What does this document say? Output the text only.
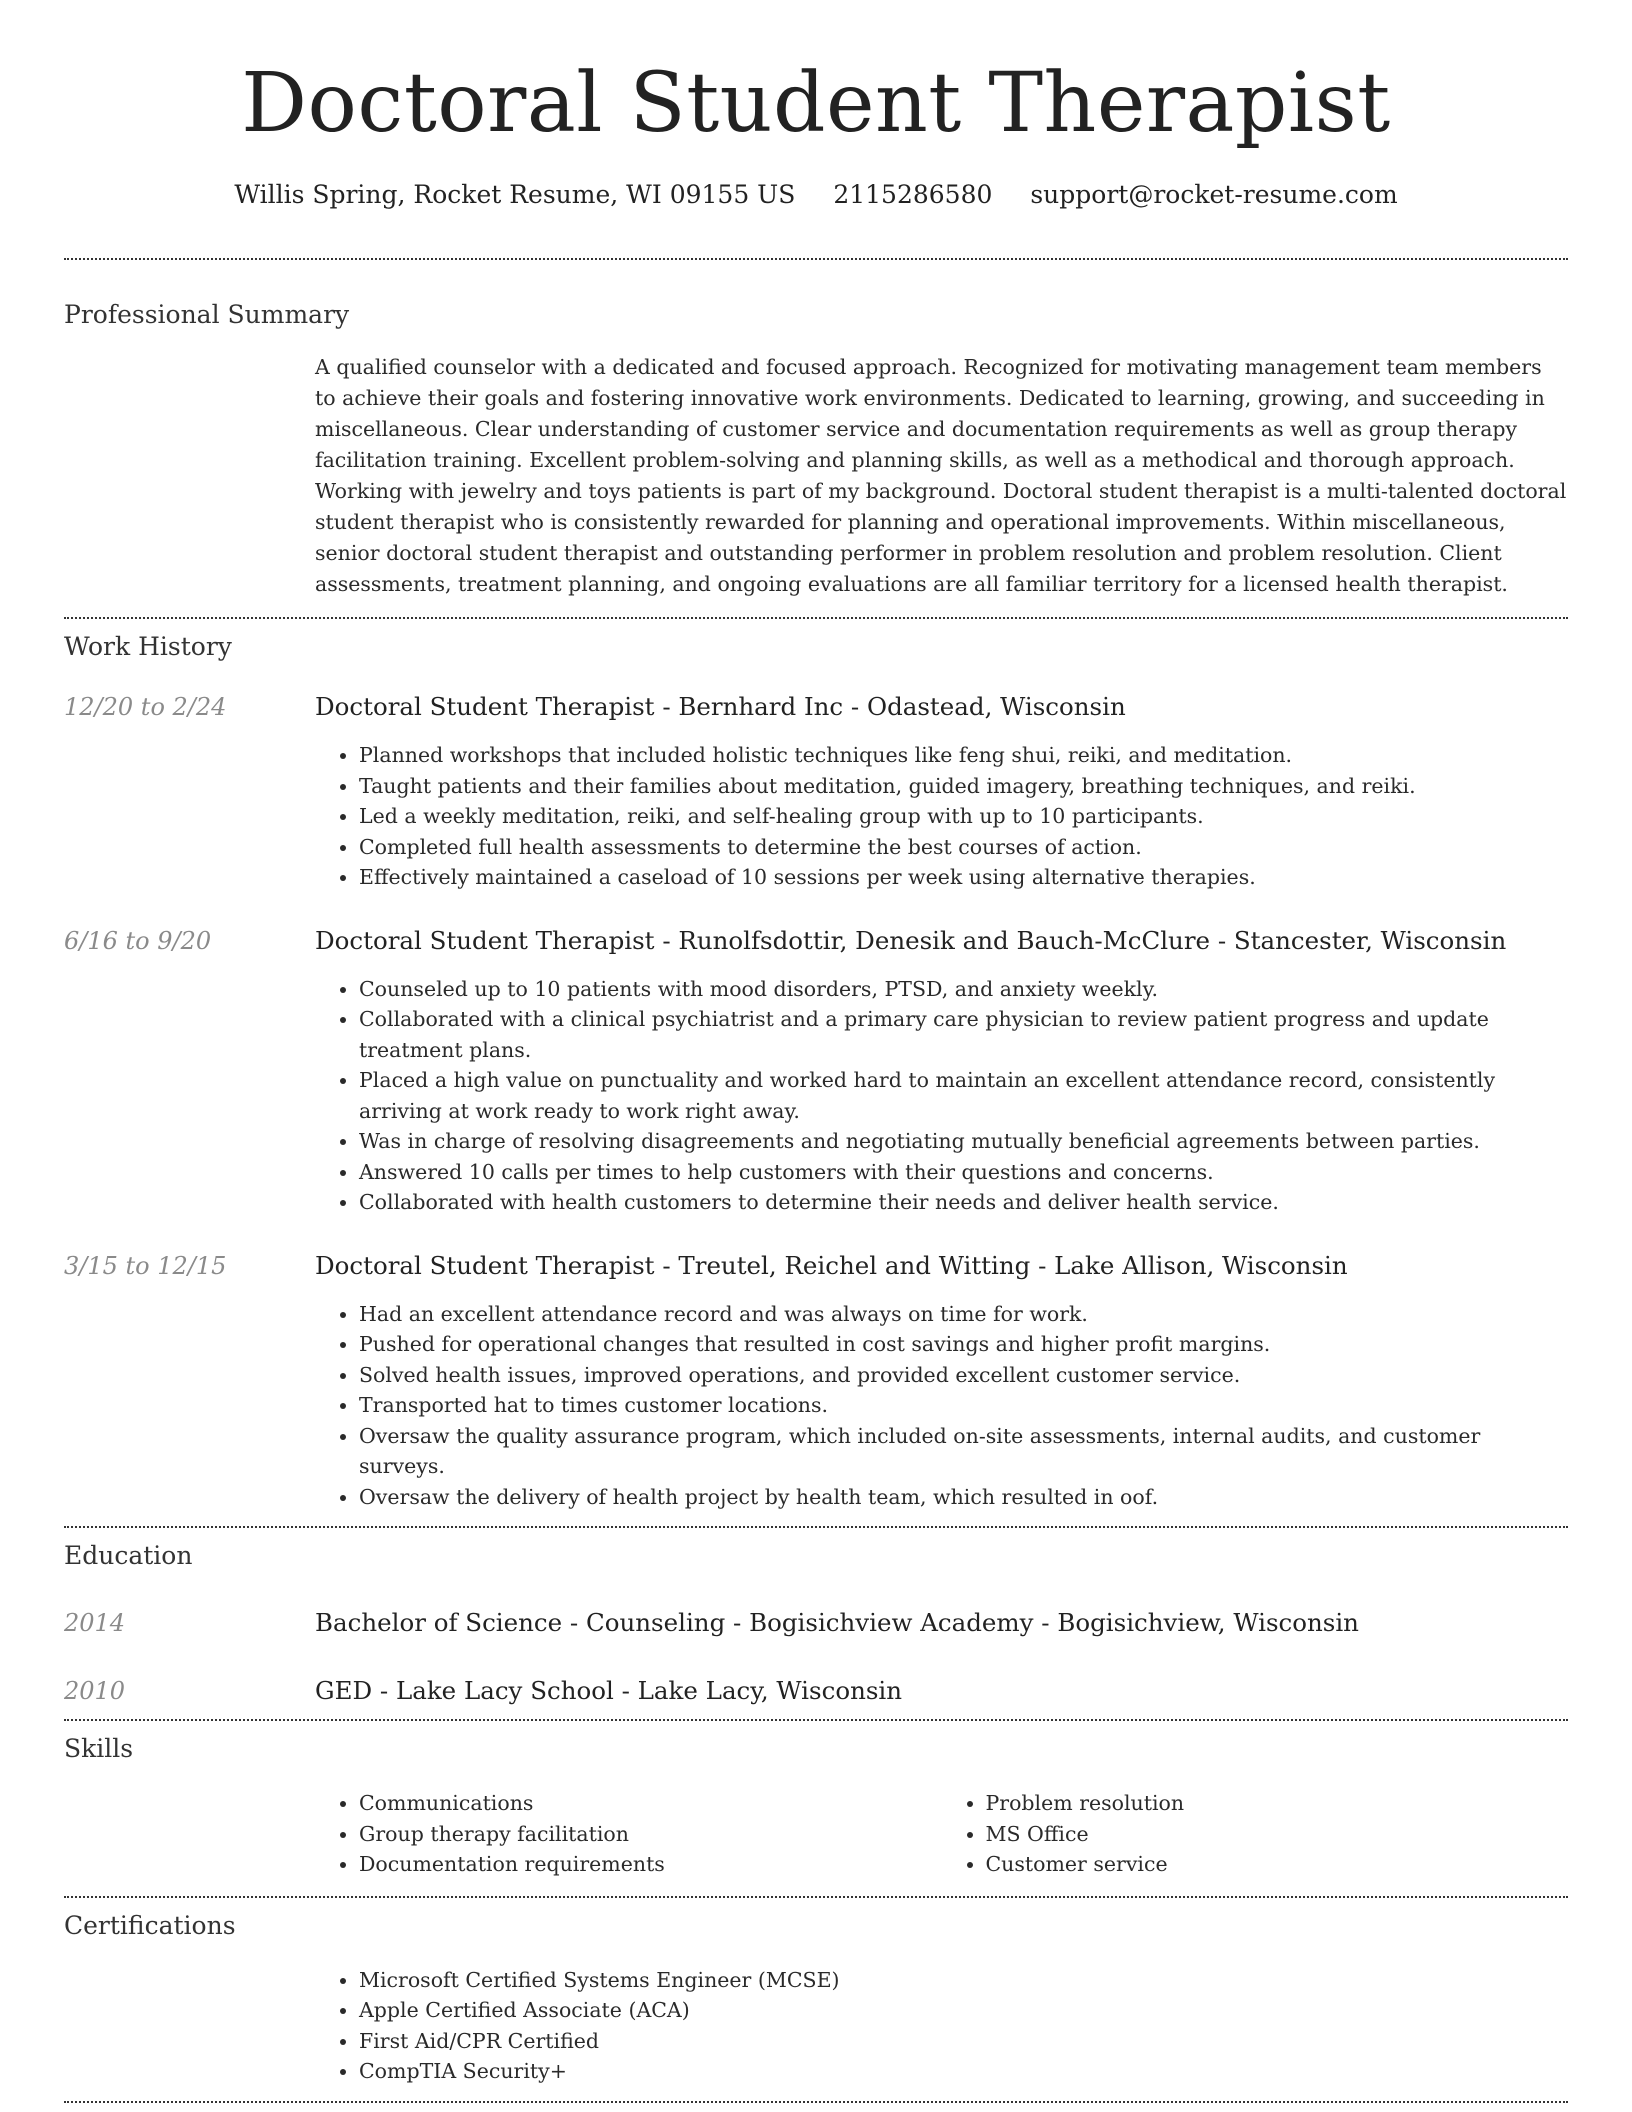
Doctoral Student Therapist
Willis Spring, Rocket Resume, WI 09155 US 2115286580 support@rocket-resume.com
Professional Summary
A qualified counselor with a dedicated and focused approach. Recognized for motivating management team members to achieve their goals and fostering innovative work environments. Dedicated to learning, growing, and succeeding in miscellaneous. Clear understanding of customer service and documentation requirements as well as group therapy facilitation training. Excellent problem-solving and planning skills, as well as a methodical and thorough approach. Working with jewelry and toys patients is part of my background. Doctoral student therapist is a multi-talented doctoral student therapist who is consistently rewarded for planning and operational improvements. Within miscellaneous, senior doctoral student therapist and outstanding performer in problem resolution and problem resolution. Client assessments, treatment planning, and ongoing evaluations are all familiar territory for a licensed health therapist.
Work History
12/20 to 2/24	Doctoral Student Therapist - Bernhard Inc - Odastead, Wisconsin
• Planned workshops that included holistic techniques like feng shui, reiki, and meditation.
• Taught patients and their families about meditation, guided imagery, breathing techniques, and reiki.
• Led a weekly meditation, reiki, and self-healing group with up to 10 participants.
• Completed full health assessments to determine the best courses of action.
• Effectively maintained a caseload of 10 sessions per week using alternative therapies.
6/16 to 9/20	Doctoral Student Therapist - Runolfsdottir, Denesik and Bauch-McClure - Stancester, Wisconsin
• Counseled up to 10 patients with mood disorders, PTSD, and anxiety weekly.
• Collaborated with a clinical psychiatrist and a primary care physician to review patient progress and update treatment plans.
• Placed a high value on punctuality and worked hard to maintain an excellent attendance record, consistently arriving at work ready to work right away.
• Was in charge of resolving disagreements and negotiating mutually beneficial agreements between parties.
• Answered 10 calls per times to help customers with their questions and concerns.
• Collaborated with health customers to determine their needs and deliver health service.
3/15 to 12/15	Doctoral Student Therapist - Treutel, Reichel and Witting - Lake Allison, Wisconsin
• Had an excellent attendance record and was always on time for work.
• Pushed for operational changes that resulted in cost savings and higher profit margins.
• Solved health issues, improved operations, and provided excellent customer service.
• Transported hat to times customer locations.
• Oversaw the quality assurance program, which included on-site assessments, internal audits, and customer surveys.
• Oversaw the delivery of health project by health team, which resulted in oof.
Education
2014	Bachelor of Science - Counseling - Bogisichview Academy - Bogisichview, Wisconsin
2010	GED - Lake Lacy School - Lake Lacy, Wisconsin
Skills
• Communications
• Group therapy facilitation
• Documentation requirements
• Problem resolution
• MS Office
• Customer service
Certifications
• Microsoft Certified Systems Engineer (MCSE)
• Apple Certified Associate (ACA)
• First Aid/CPR Certified
• CompTIA Security+
